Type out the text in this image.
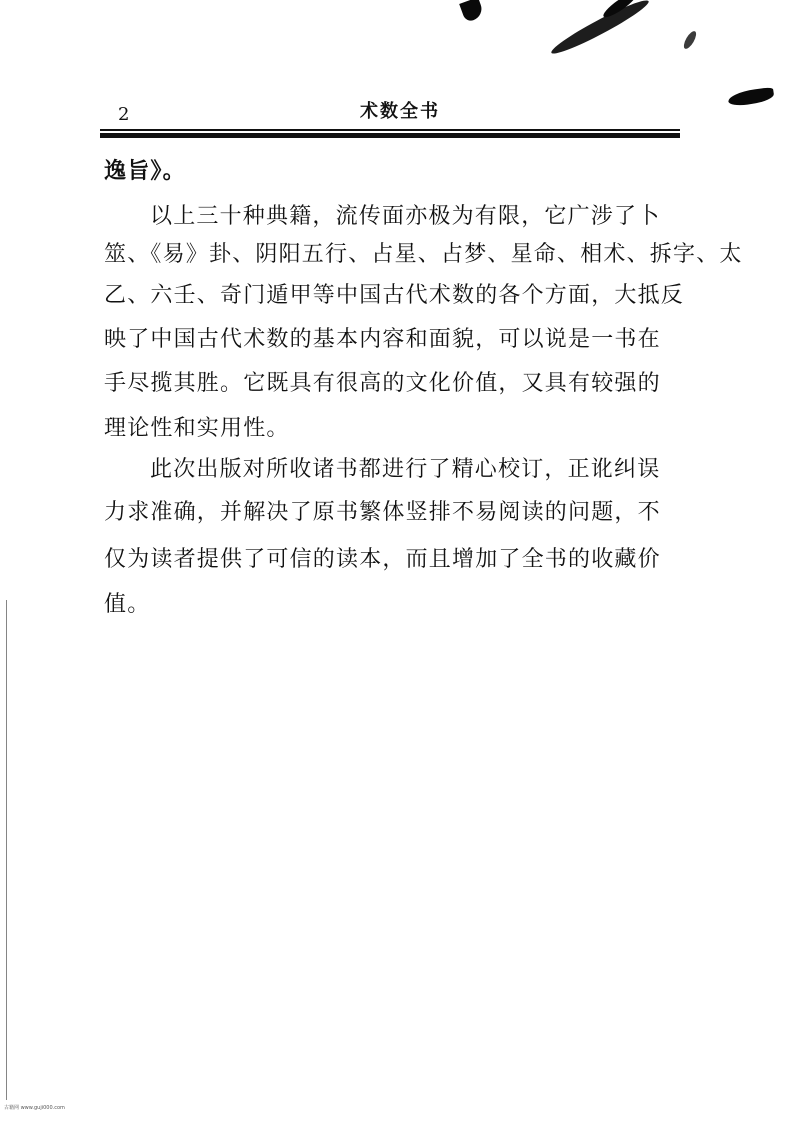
2	术数全书
逸旨》。
以上三十种典籍，流传面亦极为有限，它广涉了卜
筮、《易》卦、阴阳五行、占星、占梦、星命、相术、拆字、太
乙、六壬、奇门遁甲等中国古代术数的各个方面，大抵反
映了中国古代术数的基本内容和面貌，可以说是一书在
手尽揽其胜。它既具有很高的文化价值，又具有较强的
理论性和实用性。
此次出版对所收诸书都进行了精心校订，正讹纠误
力求准确，并解决了原书繁体竖排不易阅读的问题，不
仅为读者提供了可信的读本，而且增加了全书的收藏价
值。
古籍网 www.guji000.com
